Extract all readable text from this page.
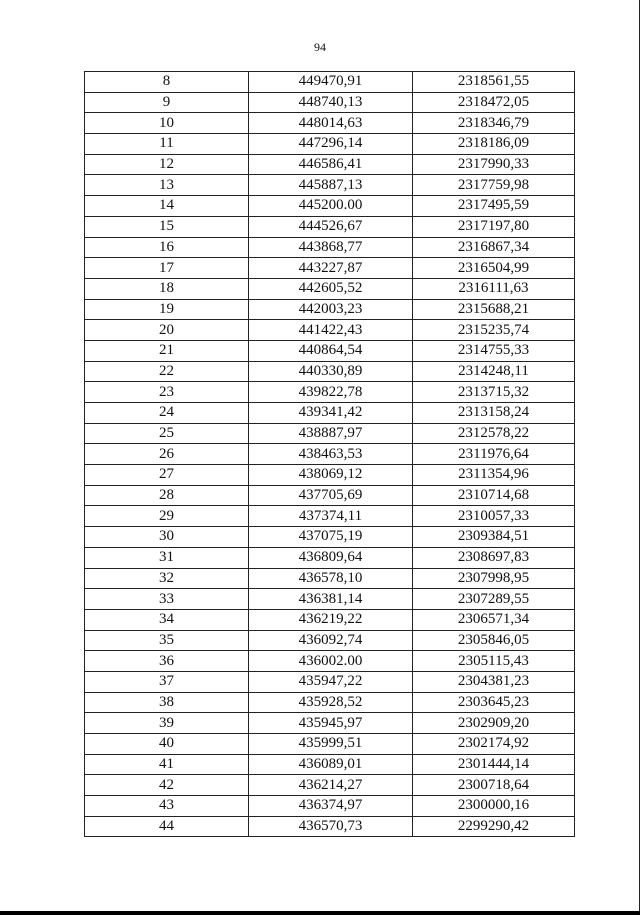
94
8	449470,91	2318561,55
9	448740,13	2318472,05
10	448014,63	2318346,79
11	447296,14	2318186,09
12	446586,41	2317990,33
13	445887,13	2317759,98
14	445200.00	2317495,59
15	444526,67	2317197,80
16	443868,77	2316867,34
17	443227,87	2316504,99
18	442605,52	2316111,63
19	442003,23	2315688,21
20	441422,43	2315235,74
21	440864,54	2314755,33
22	440330,89	2314248,11
23	439822,78	2313715,32
24	439341,42	2313158,24
25	438887,97	2312578,22
26	438463,53	2311976,64
27	438069,12	2311354,96
28	437705,69	2310714,68
29	437374,11	2310057,33
30	437075,19	2309384,51
31	436809,64	2308697,83
32	436578,10	2307998,95
33	436381,14	2307289,55
34	436219,22	2306571,34
35	436092,74	2305846,05
36	436002.00	2305115,43
37	435947,22	2304381,23
38	435928,52	2303645,23
39	435945,97	2302909,20
40	435999,51	2302174,92
41	436089,01	2301444,14
42	436214,27	2300718,64
43	436374,97	2300000,16
44	436570,73	2299290,42
